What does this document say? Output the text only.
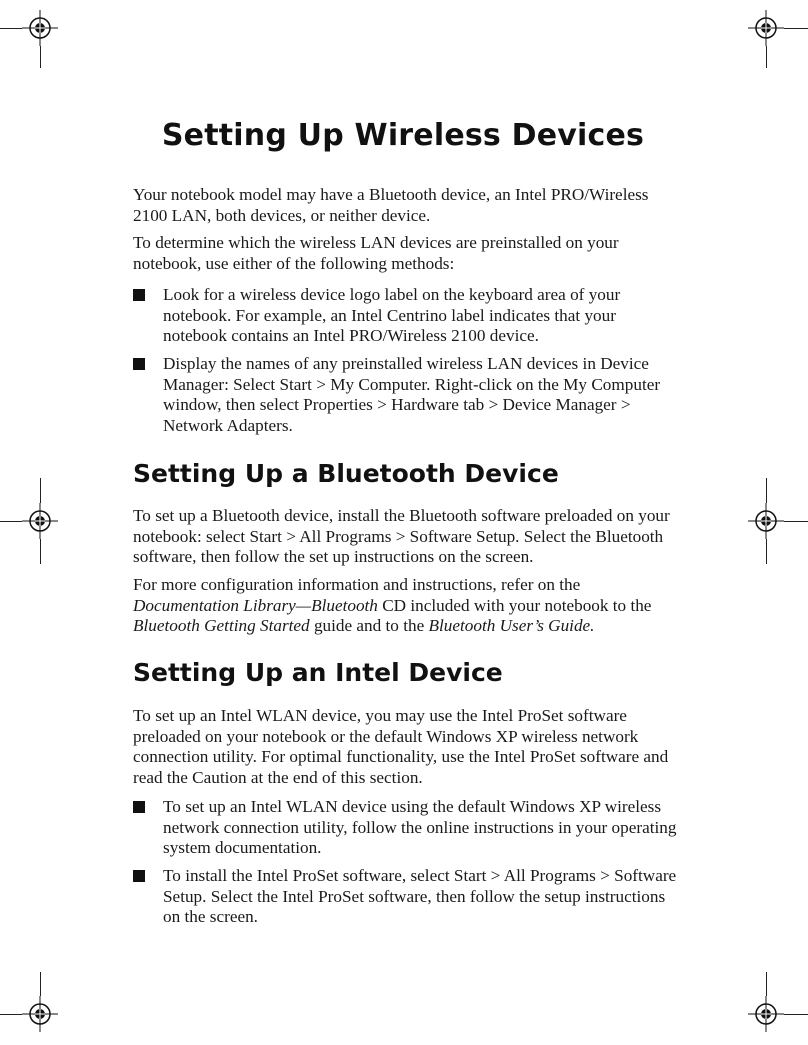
Setting Up Wireless Devices

Your notebook model may have a Bluetooth device, an Intel PRO/Wireless 2100 LAN, both devices, or neither device.

To determine which the wireless LAN devices are preinstalled on your notebook, use either of the following methods:

Look for a wireless device logo label on the keyboard area of your notebook. For example, an Intel Centrino label indicates that your notebook contains an Intel PRO/Wireless 2100 device.
Display the names of any preinstalled wireless LAN devices in Device Manager: Select Start > My Computer. Right-click on the My Computer window, then select Properties > Hardware tab > Device Manager > Network Adapters.
Setting Up a Bluetooth Device

To set up a Bluetooth device, install the Bluetooth software preloaded on your notebook: select Start > All Programs > Software Setup. Select the Bluetooth software, then follow the set up instructions on the screen.

For more configuration information and instructions, refer on the Documentation Library—Bluetooth CD included with your notebook to the Bluetooth Getting Started guide and to the Bluetooth User’s Guide.

Setting Up an Intel Device

To set up an Intel WLAN device, you may use the Intel ProSet software preloaded on your notebook or the default Windows XP wireless network connection utility. For optimal functionality, use the Intel ProSet software and read the Caution at the end of this section.

To set up an Intel WLAN device using the default Windows XP wireless network connection utility, follow the online instructions in your operating system documentation.
To install the Intel ProSet software, select Start > All Programs > Software Setup. Select the Intel ProSet software, then follow the setup instructions on the screen.
